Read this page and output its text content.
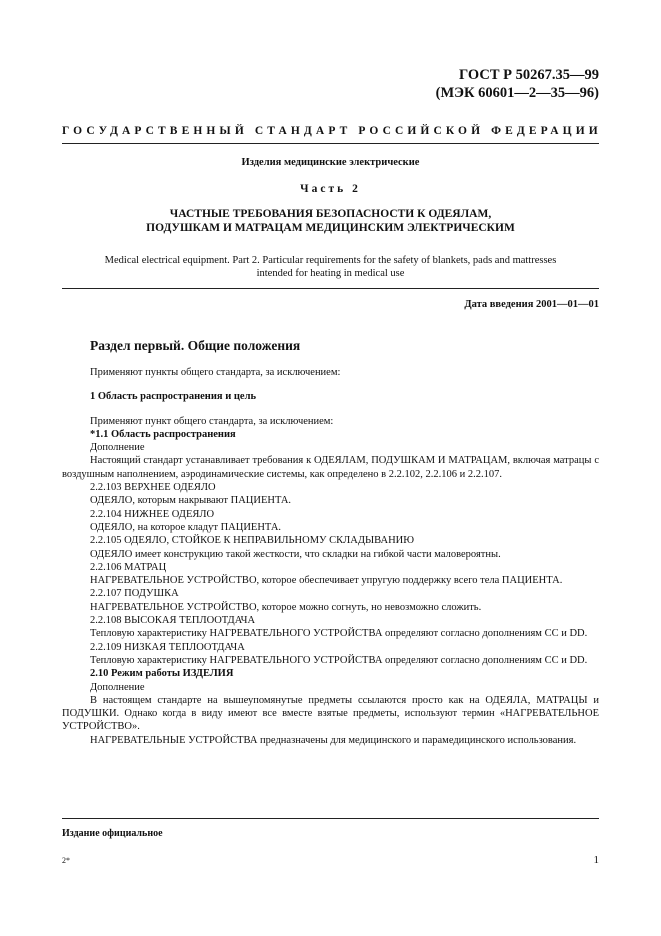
ГОСТ Р 50267.35—99
(МЭК 60601—2—35—96)
ГОСУДАРСТВЕННЫЙ СТАНДАРТ РОССИЙСКОЙ ФЕДЕРАЦИИ
Изделия медицинские электрические
Часть 2
ЧАСТНЫЕ ТРЕБОВАНИЯ БЕЗОПАСНОСТИ К ОДЕЯЛАМ,
ПОДУШКАМ И МАТРАЦАМ МЕДИЦИНСКИМ ЭЛЕКТРИЧЕСКИМ
Medical electrical equipment. Part 2. Particular requirements for the safety of blankets, pads and mattresses
intended for heating in medical use
Дата введения 2001—01—01
Раздел первый. Общие положения

Применяют пункты общего стандарта, за исключением:

1 Область распространения и цель

Применяют пункт общего стандарта, за исключением:

*1.1 Область распространения

Дополнение

Настоящий стандарт устанавливает требования к ОДЕЯЛАМ, ПОДУШКАМ И МАТРАЦАМ, включая матрацы с воздушным наполнением, аэродинамические системы, как определено в 2.2.102, 2.2.106 и 2.2.107.

2.2.103 ВЕРХНЕЕ ОДЕЯЛО

ОДЕЯЛО, которым накрывают ПАЦИЕНТА.

2.2.104 НИЖНЕЕ ОДЕЯЛО

ОДЕЯЛО, на которое кладут ПАЦИЕНТА.

2.2.105 ОДЕЯЛО, СТОЙКОЕ К НЕПРАВИЛЬНОМУ СКЛАДЫВАНИЮ

ОДЕЯЛО имеет конструкцию такой жесткости, что складки на гибкой части маловероятны.

2.2.106 МАТРАЦ

НАГРЕВАТЕЛЬНОЕ УСТРОЙСТВО, которое обеспечивает упругую поддержку всего тела ПАЦИЕНТА.

2.2.107 ПОДУШКА

НАГРЕВАТЕЛЬНОЕ УСТРОЙСТВО, которое можно согнуть, но невозможно сложить.

2.2.108 ВЫСОКАЯ ТЕПЛООТДАЧА

Тепловую характеристику НАГРЕВАТЕЛЬНОГО УСТРОЙСТВА определяют согласно дополнениям СС и DD.

2.2.109 НИЗКАЯ ТЕПЛООТДАЧА

Тепловую характеристику НАГРЕВАТЕЛЬНОГО УСТРОЙСТВА определяют согласно дополнениям СС и DD.

2.10 Режим работы ИЗДЕЛИЯ

Дополнение

В настоящем стандарте на вышеупомянутые предметы ссылаются просто как на ОДЕЯЛА, МАТРАЦЫ и ПОДУШКИ. Однако когда в виду имеют все вместе взятые предметы, используют термин «НАГРЕВАТЕЛЬНОЕ УСТРОЙСТВО».

НАГРЕВАТЕЛЬНЫЕ УСТРОЙСТВА предназначены для медицинского и парамедицинского использования.

Издание официальное
2*	1
